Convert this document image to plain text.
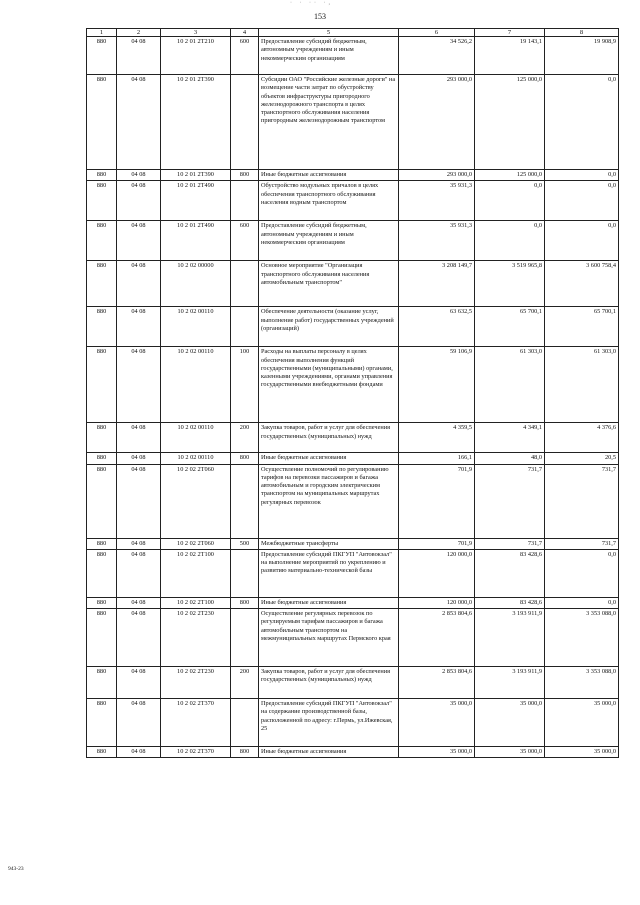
· · ·· ·,
153
1	2	3	4	5	6	7	8
880	04 08	10 2 01 2Т210	600	Предоставление субсидий бюджетным, автономным учреждениям и иным некоммерческим организациям	34 526,2	19 143,1	19 908,9
880	04 08	10 2 01 2Т390		Субсидии ОАО "Российские железные дороги" на возмещение части затрат по обустройству объектов инфраструктуры пригородного железнодорожного транспорта в целях транспортного обслуживания населения пригородным железнодорожным транспортом	293 000,0	125 000,0	0,0
880	04 08	10 2 01 2Т390	800	Иные бюджетные ассигнования	293 000,0	125 000,0	0,0
880	04 08	10 2 01 2Т490		Обустройство модульных причалов в целях обеспечения транспортного обслуживания населения водным транспортом	35 931,3	0,0	0,0
880	04 08	10 2 01 2Т490	600	Предоставление субсидий бюджетным, автономным учреждениям и иным некоммерческим организациям	35 931,3	0,0	0,0
880	04 08	10 2 02 00000		Основное мероприятие "Организация транспортного обслуживания населения автомобильным транспортом"	3 208 149,7	3 519 965,8	3 600 758,4
880	04 08	10 2 02 00110		Обеспечение деятельности (оказание услуг, выполнение работ) государственных учреждений (организаций)	63 632,5	65 700,1	65 700,1
880	04 08	10 2 02 00110	100	Расходы на выплаты персоналу в целях обеспечения выполнения функций государственными (муниципальными) органами, казенными учреждениями, органами управления государственными внебюджетными фондами	59 106,9	61 303,0	61 303,0
880	04 08	10 2 02 00110	200	Закупка товаров, работ и услуг для обеспечения государственных (муниципальных) нужд	4 359,5	4 349,1	4 376,6
880	04 08	10 2 02 00110	800	Иные бюджетные ассигнования	166,1	48,0	20,5
880	04 08	10 2 02 2Т060		Осуществление полномочий по регулированию тарифов на перевозки пассажиров и багажа автомобильным и городским электрическим транспортом на муниципальных маршрутах регулярных перевозок	701,9	731,7	731,7
880	04 08	10 2 02 2Т060	500	Межбюджетные трансферты	701,9	731,7	731,7
880	04 08	10 2 02 2Т100		Предоставление субсидий ПКГУП "Автовокзал" на выполнение мероприятий по укреплению и развитию материально-технической базы	120 000,0	83 428,6	0,0
880	04 08	10 2 02 2Т100	800	Иные бюджетные ассигнования	120 000,0	83 428,6	0,0
880	04 08	10 2 02 2Т230		Осуществление регулярных перевозок по регулируемым тарифам пассажиров и багажа автомобильным транспортом на межмуниципальных маршрутах Пермского края	2 853 804,6	3 193 911,9	3 353 088,0
880	04 08	10 2 02 2Т230	200	Закупка товаров, работ и услуг для обеспечения государственных (муниципальных) нужд	2 853 804,6	3 193 911,9	3 353 088,0
880	04 08	10 2 02 2Т370		Предоставление субсидий ПКГУП "Автовокзал" на содержание производственной базы, расположенной по адресу: г.Пермь, ул.Ижевская, 25	35 000,0	35 000,0	35 000,0
880	04 08	10 2 02 2Т370	800	Иные бюджетные ассигнования	35 000,0	35 000,0	35 000,0
943-23
